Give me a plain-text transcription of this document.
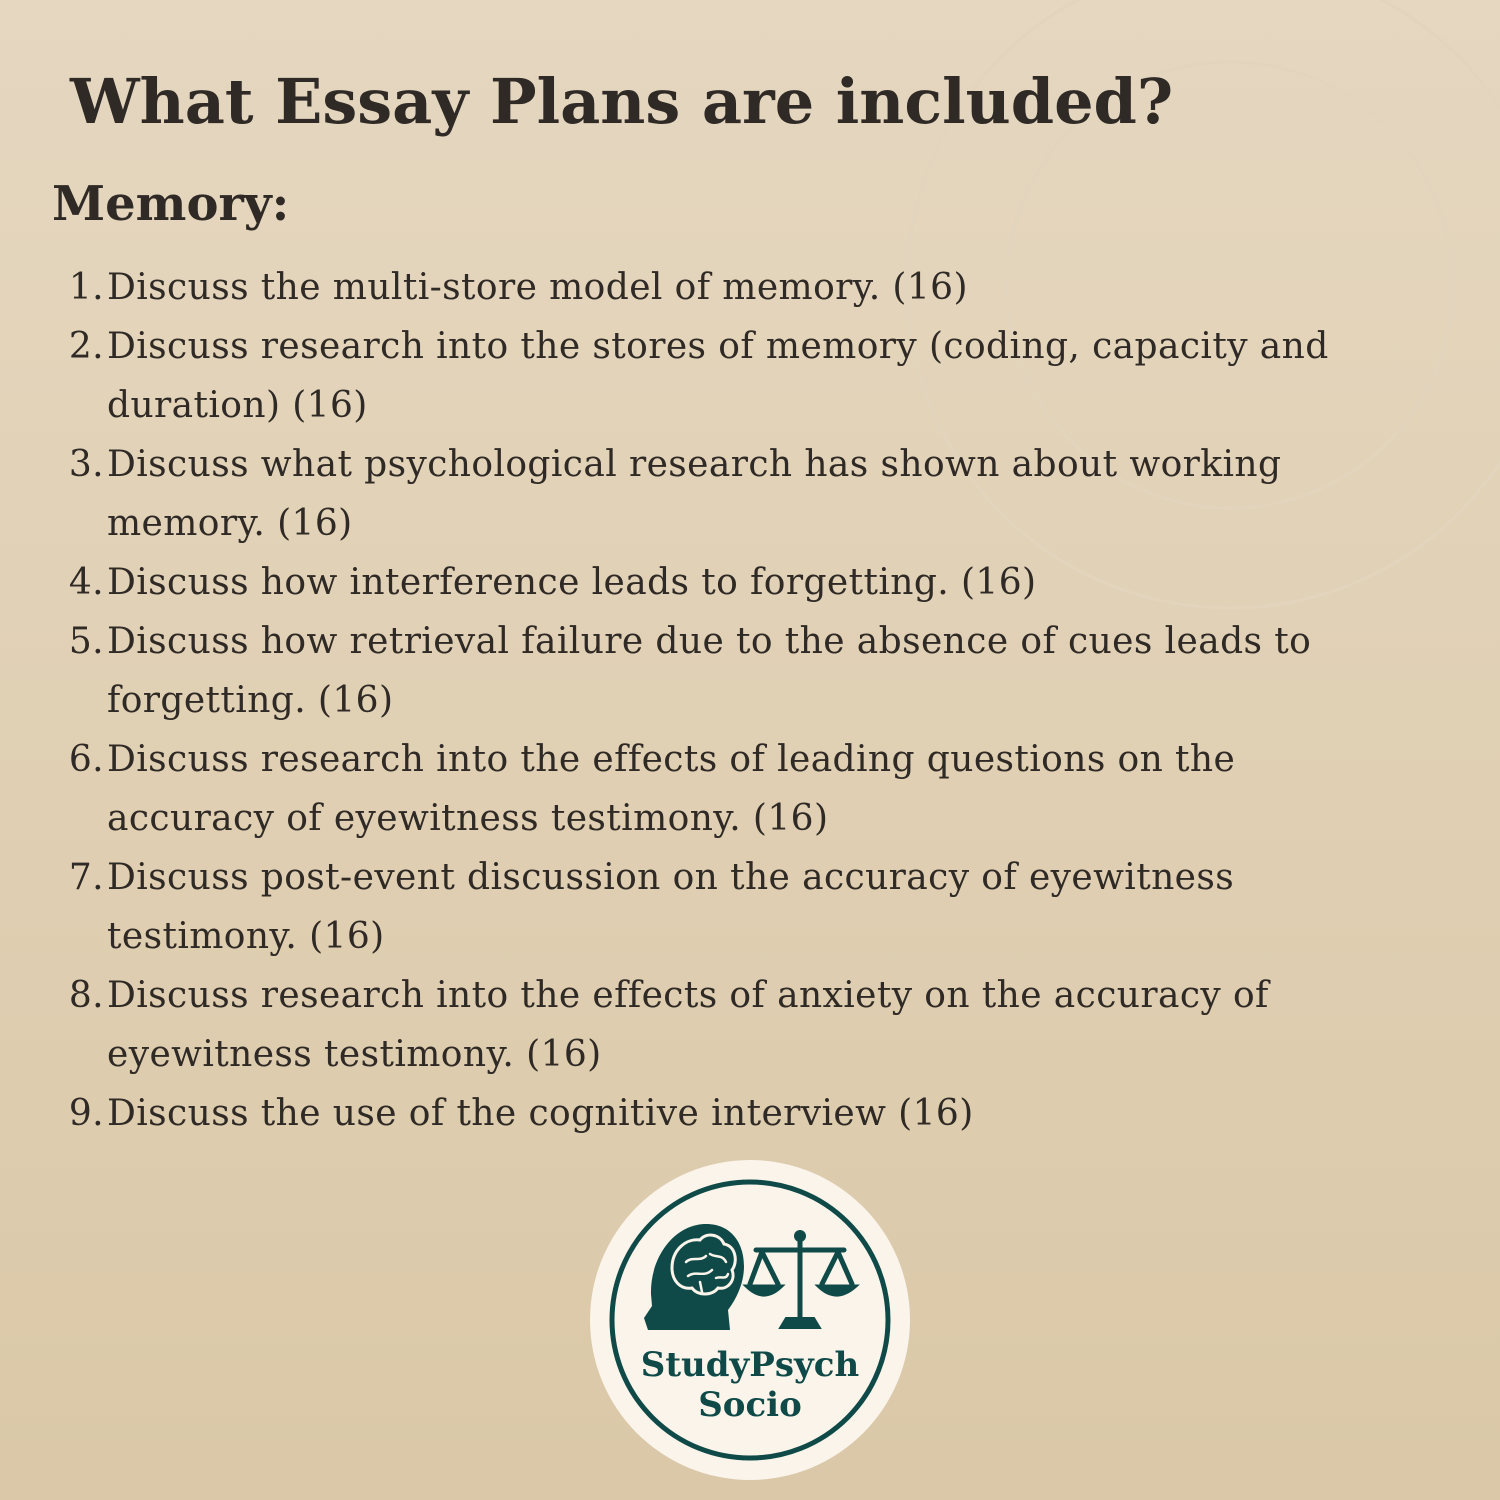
What Essay Plans are included?
Memory:
1. Discuss the multi-store model of memory. (16)
2. Discuss research into the stores of memory (coding, capacity and duration) (16)
3. Discuss what psychological research has shown about working memory. (16)
4. Discuss how interference leads to forgetting. (16)
5. Discuss how retrieval failure due to the absence of cues leads to forgetting. (16)
6. Discuss research into the effects of leading questions on the accuracy of eyewitness testimony. (16)
7. Discuss post-event discussion on the accuracy of eyewitness testimony. (16)
8. Discuss research into the effects of anxiety on the accuracy of eyewitness testimony. (16)
9. Discuss the use of the cognitive interview (16)
StudyPsych
Socio
